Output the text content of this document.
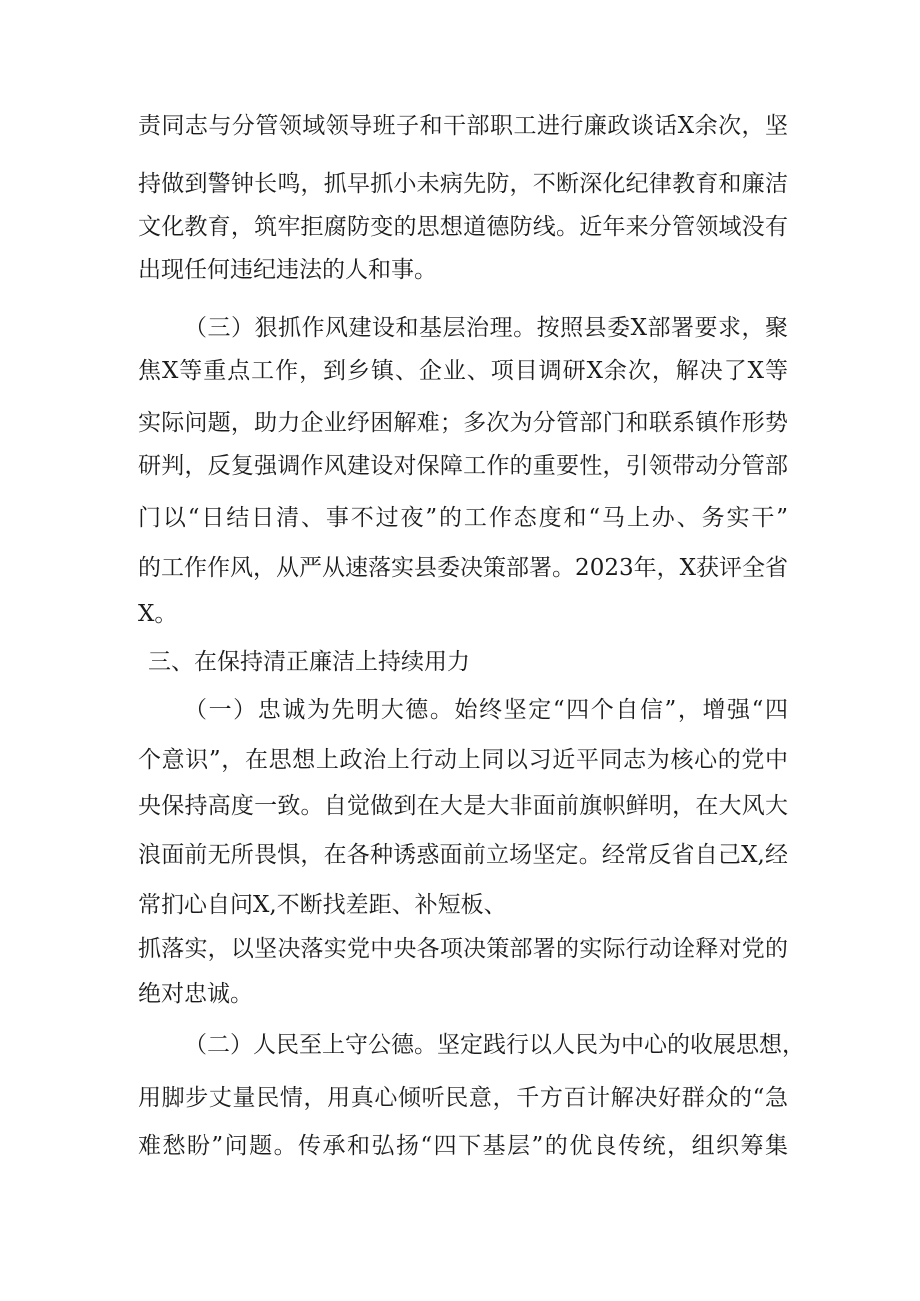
责同志与分管领域领导班子和干部职工进行廉政谈话X余次，坚

持做到警钟长鸣，抓早抓小未病先防，不断深化纪律教育和廉洁

文化教育，筑牢拒腐防变的思想道德防线。近年来分管领域没有

出现任何违纪违法的人和事。

（三）狠抓作风建设和基层治理。按照县委X部署要求，聚

焦X等重点工作，到乡镇、企业、项目调研X余次，解决了X等

实际问题，助力企业纾困解难；多次为分管部门和联系镇作形势

研判，反复强调作风建设对保障工作的重要性，引领带动分管部

门以“日结日清、事不过夜”的工作态度和“马上办、务实干”

的工作作风，从严从速落实县委决策部署。2023年，X获评全省

X。

三、在保持清正廉洁上持续用力

（一）忠诚为先明大德。始终坚定“四个自信”，增强“四

个意识”，在思想上政治上行动上同以习近平同志为核心的党中

央保持高度一致。自觉做到在大是大非面前旗帜鲜明，在大风大

浪面前无所畏惧，在各种诱惑面前立场坚定。经常反省自己X,经

常扪心自问X,不断找差距、补短板、

抓落实，以坚决落实党中央各项决策部署的实际行动诠释对党的

绝对忠诚。

（二）人民至上守公德。坚定践行以人民为中心的收展思想，

用脚步丈量民情，用真心倾听民意，千方百计解决好群众的“急

难愁盼”问题。传承和弘扬“四下基层”的优良传统，组织筹集
